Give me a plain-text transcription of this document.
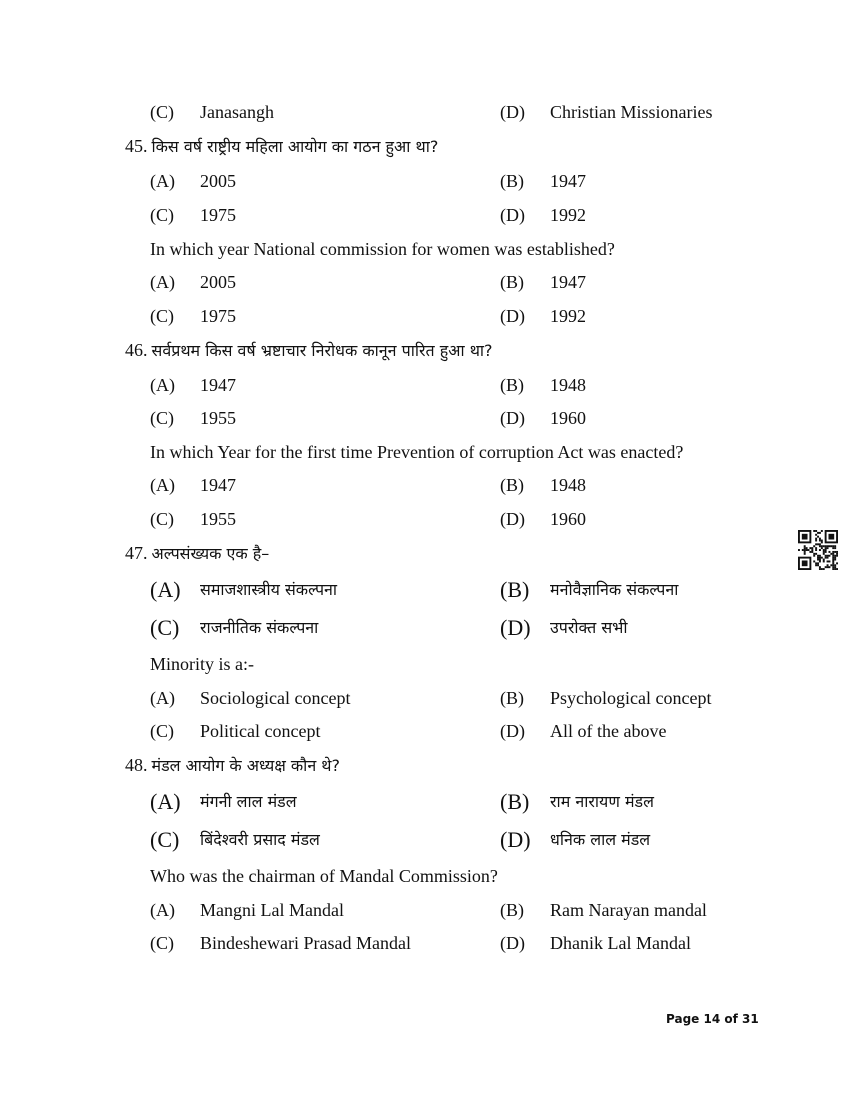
(C) Janasangh	(D) Christian Missionaries
45. किस वर्ष राष्ट्रीय महिला आयोग का गठन हुआ था?
(A) 2005	(B) 1947
(C) 1975	(D) 1992
In which year National commission for women was established?
(A) 2005	(B) 1947
(C) 1975	(D) 1992
46. सर्वप्रथम किस वर्ष भ्रष्टाचार निरोधक कानून पारित हुआ था?
(A) 1947	(B) 1948
(C) 1955	(D) 1960
In which Year for the first time Prevention of corruption Act was enacted?
(A) 1947	(B) 1948
(C) 1955	(D) 1960
47. अल्पसंख्यक एक है–
(A) समाजशास्त्रीय संकल्पना	(B) मनोवैज्ञानिक संकल्पना
(C) राजनीतिक संकल्पना	(D) उपरोक्त सभी
Minority is a:-
(A) Sociological concept	(B) Psychological concept
(C) Political concept	(D) All of the above
48. मंडल आयोग के अध्यक्ष कौन थे?
(A) मंगनी लाल मंडल	(B) राम नारायण मंडल
(C) बिंदेश्वरी प्रसाद मंडल	(D) धनिक लाल मंडल
Who was the chairman of Mandal Commission?
(A) Mangni Lal Mandal	(B) Ram Narayan mandal
(C) Bindeshewari Prasad Mandal	(D) Dhanik Lal Mandal
Page 14 of 31
